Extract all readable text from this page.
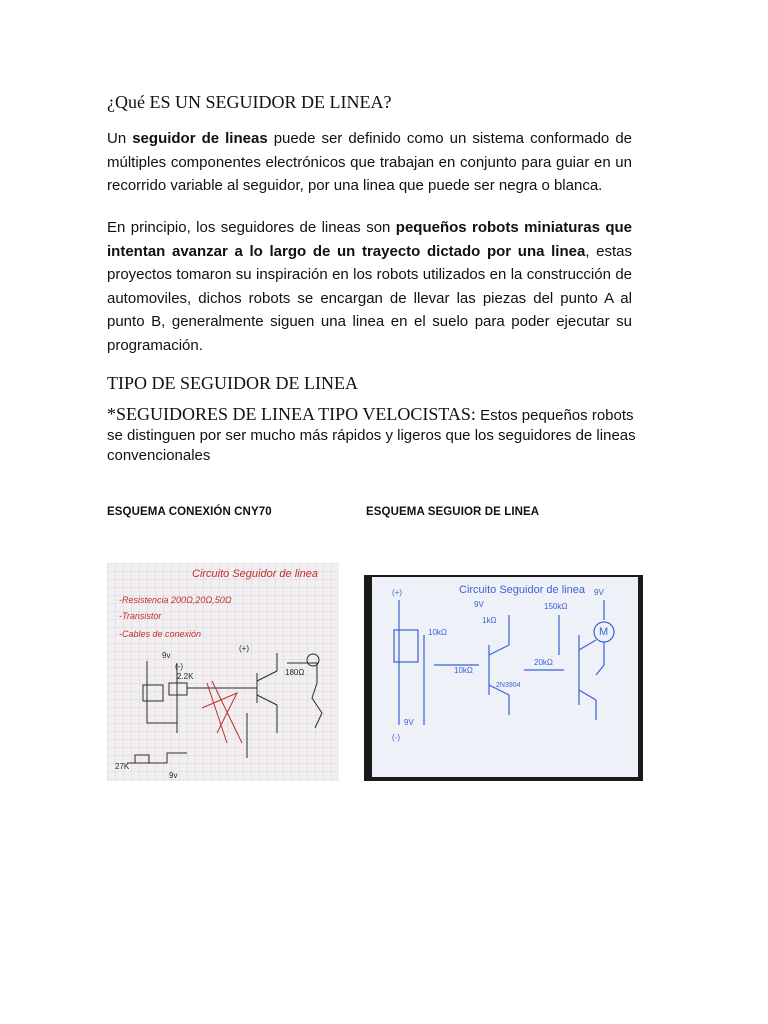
¿Qué ES UN SEGUIDOR DE LINEA?
Un seguidor de lineas puede ser definido como un sistema conformado de múltiples componentes electrónicos que trabajan en conjunto para guiar en un recorrido variable al seguidor, por una linea que puede ser negra o blanca.
En principio, los seguidores de lineas son pequeños robots miniaturas que intentan avanzar a lo largo de un trayecto dictado por una linea, estas proyectos tomaron su inspiración en los robots utilizados en la construcción de automoviles, dichos robots se encargan de llevar las piezas del punto A al punto B, generalmente siguen una linea en el suelo para poder ejecutar su programación.
TIPO DE SEGUIDOR DE LINEA
*SEGUIDORES DE LINEA TIPO VELOCISTAS: Estos pequeños robots se distinguen por ser mucho más rápidos y ligeros que los seguidores de lineas convencionales
ESQUEMA CONEXIÓN CNY70	ESQUEMA SEGUIOR DE LINEA
Circuito Seguidor de linea
-Resistencia 200Ω,20Ω,50Ω
-Transistor
-Cables de conexión
9v
2.2K
(+)
(-)
180Ω
27K
9v
Circuito Seguidor de linea
M
(+)
(-)
9V
9V
9V
10kΩ
10kΩ
150kΩ
20kΩ
1kΩ
2N3904
